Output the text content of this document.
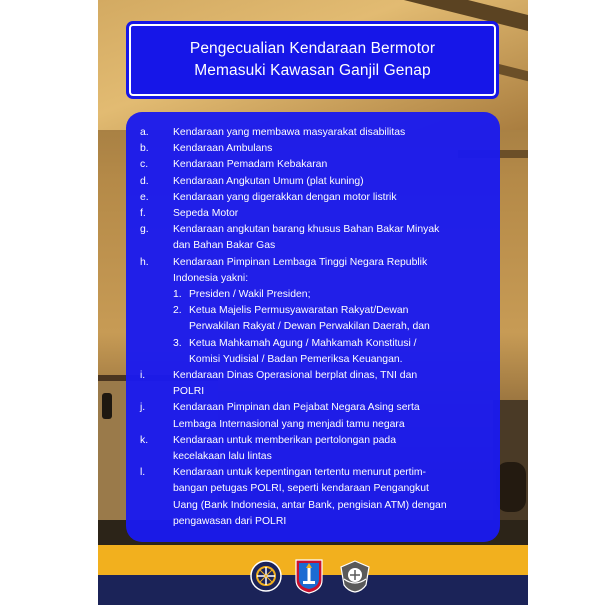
Pengecualian Kendaraan Bermotor
Memasuki Kawasan Ganjil Genap
a. Kendaraan yang membawa masyarakat disabilitas
b. Kendaraan Ambulans
c. Kendaraan Pemadam Kebakaran
d. Kendaraan Angkutan Umum (plat kuning)
e. Kendaraan yang digerakkan dengan motor listrik
f.	Sepeda Motor
g. Kendaraan angkutan barang khusus Bahan Bakar Minyak
dan Bahan Bakar Gas
h. Kendaraan Pimpinan Lembaga Tinggi Negara Republik
Indonesia yakni:
1. Presiden / Wakil Presiden;
2. Ketua Majelis Permusyawaratan Rakyat/Dewan
Perwakilan Rakyat / Dewan Perwakilan Daerah, dan
3. Ketua Mahkamah Agung / Mahkamah Konstitusi /
Komisi Yudisial / Badan Pemeriksa Keuangan.
i.	Kendaraan Dinas Operasional berplat dinas, TNI dan
POLRI
j.	Kendaraan Pimpinan dan Pejabat Negara Asing serta
Lembaga Internasional yang menjadi tamu negara
k. Kendaraan untuk memberikan pertolongan pada
kecelakaan lalu lintas
l.	Kendaraan untuk kepentingan tertentu menurut pertim-
bangan petugas POLRI, seperti kendaraan Pengangkut
Uang (Bank Indonesia, antar Bank, pengisian ATM) dengan
pengawasan dari POLRI
